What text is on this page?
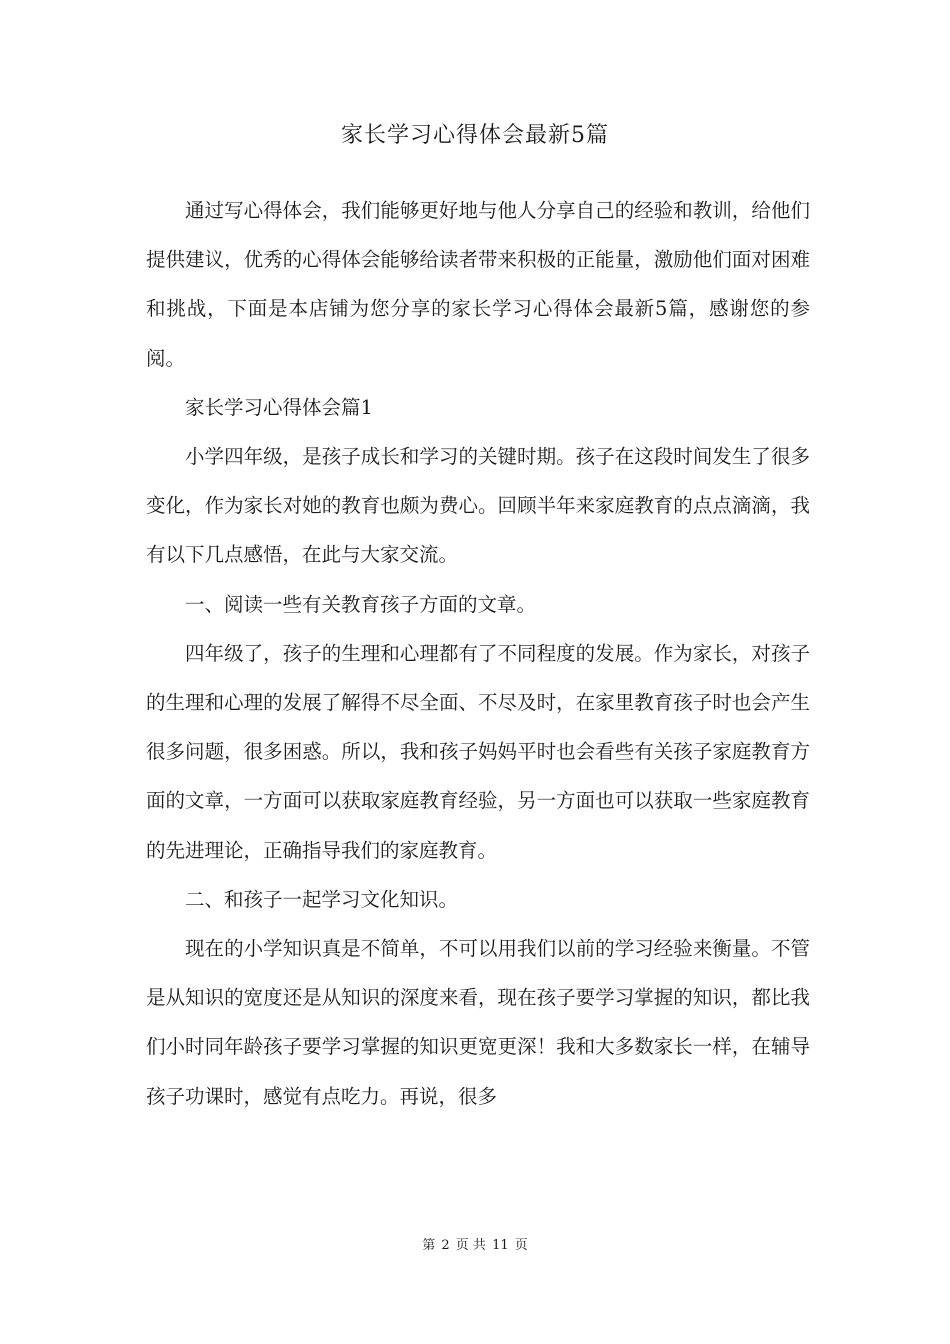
家长学习心得体会最新5篇

通过写心得体会，我们能够更好地与他人分享自己的经验和教训，给他们提供建议，优秀的心得体会能够给读者带来积极的正能量，激励他们面对困难和挑战，下面是本店铺为您分享的家长学习心得体会最新5篇，感谢您的参阅。

家长学习心得体会篇1

小学四年级，是孩子成长和学习的关键时期。孩子在这段时间发生了很多变化，作为家长对她的教育也颇为费心。回顾半年来家庭教育的点点滴滴，我有以下几点感悟，在此与大家交流。

一、阅读一些有关教育孩子方面的文章。

四年级了，孩子的生理和心理都有了不同程度的发展。作为家长，对孩子的生理和心理的发展了解得不尽全面、不尽及时，在家里教育孩子时也会产生很多问题，很多困惑。所以，我和孩子妈妈平时也会看些有关孩子家庭教育方面的文章，一方面可以获取家庭教育经验，另一方面也可以获取一些家庭教育的先进理论，正确指导我们的家庭教育。

二、和孩子一起学习文化知识。

现在的小学知识真是不简单，不可以用我们以前的学习经验来衡量。不管是从知识的宽度还是从知识的深度来看，现在孩子要学习掌握的知识，都比我们小时同年龄孩子要学习掌握的知识更宽更深！我和大多数家长一样，在辅导孩子功课时，感觉有点吃力。再说，很多

第 2 页 共 11 页
